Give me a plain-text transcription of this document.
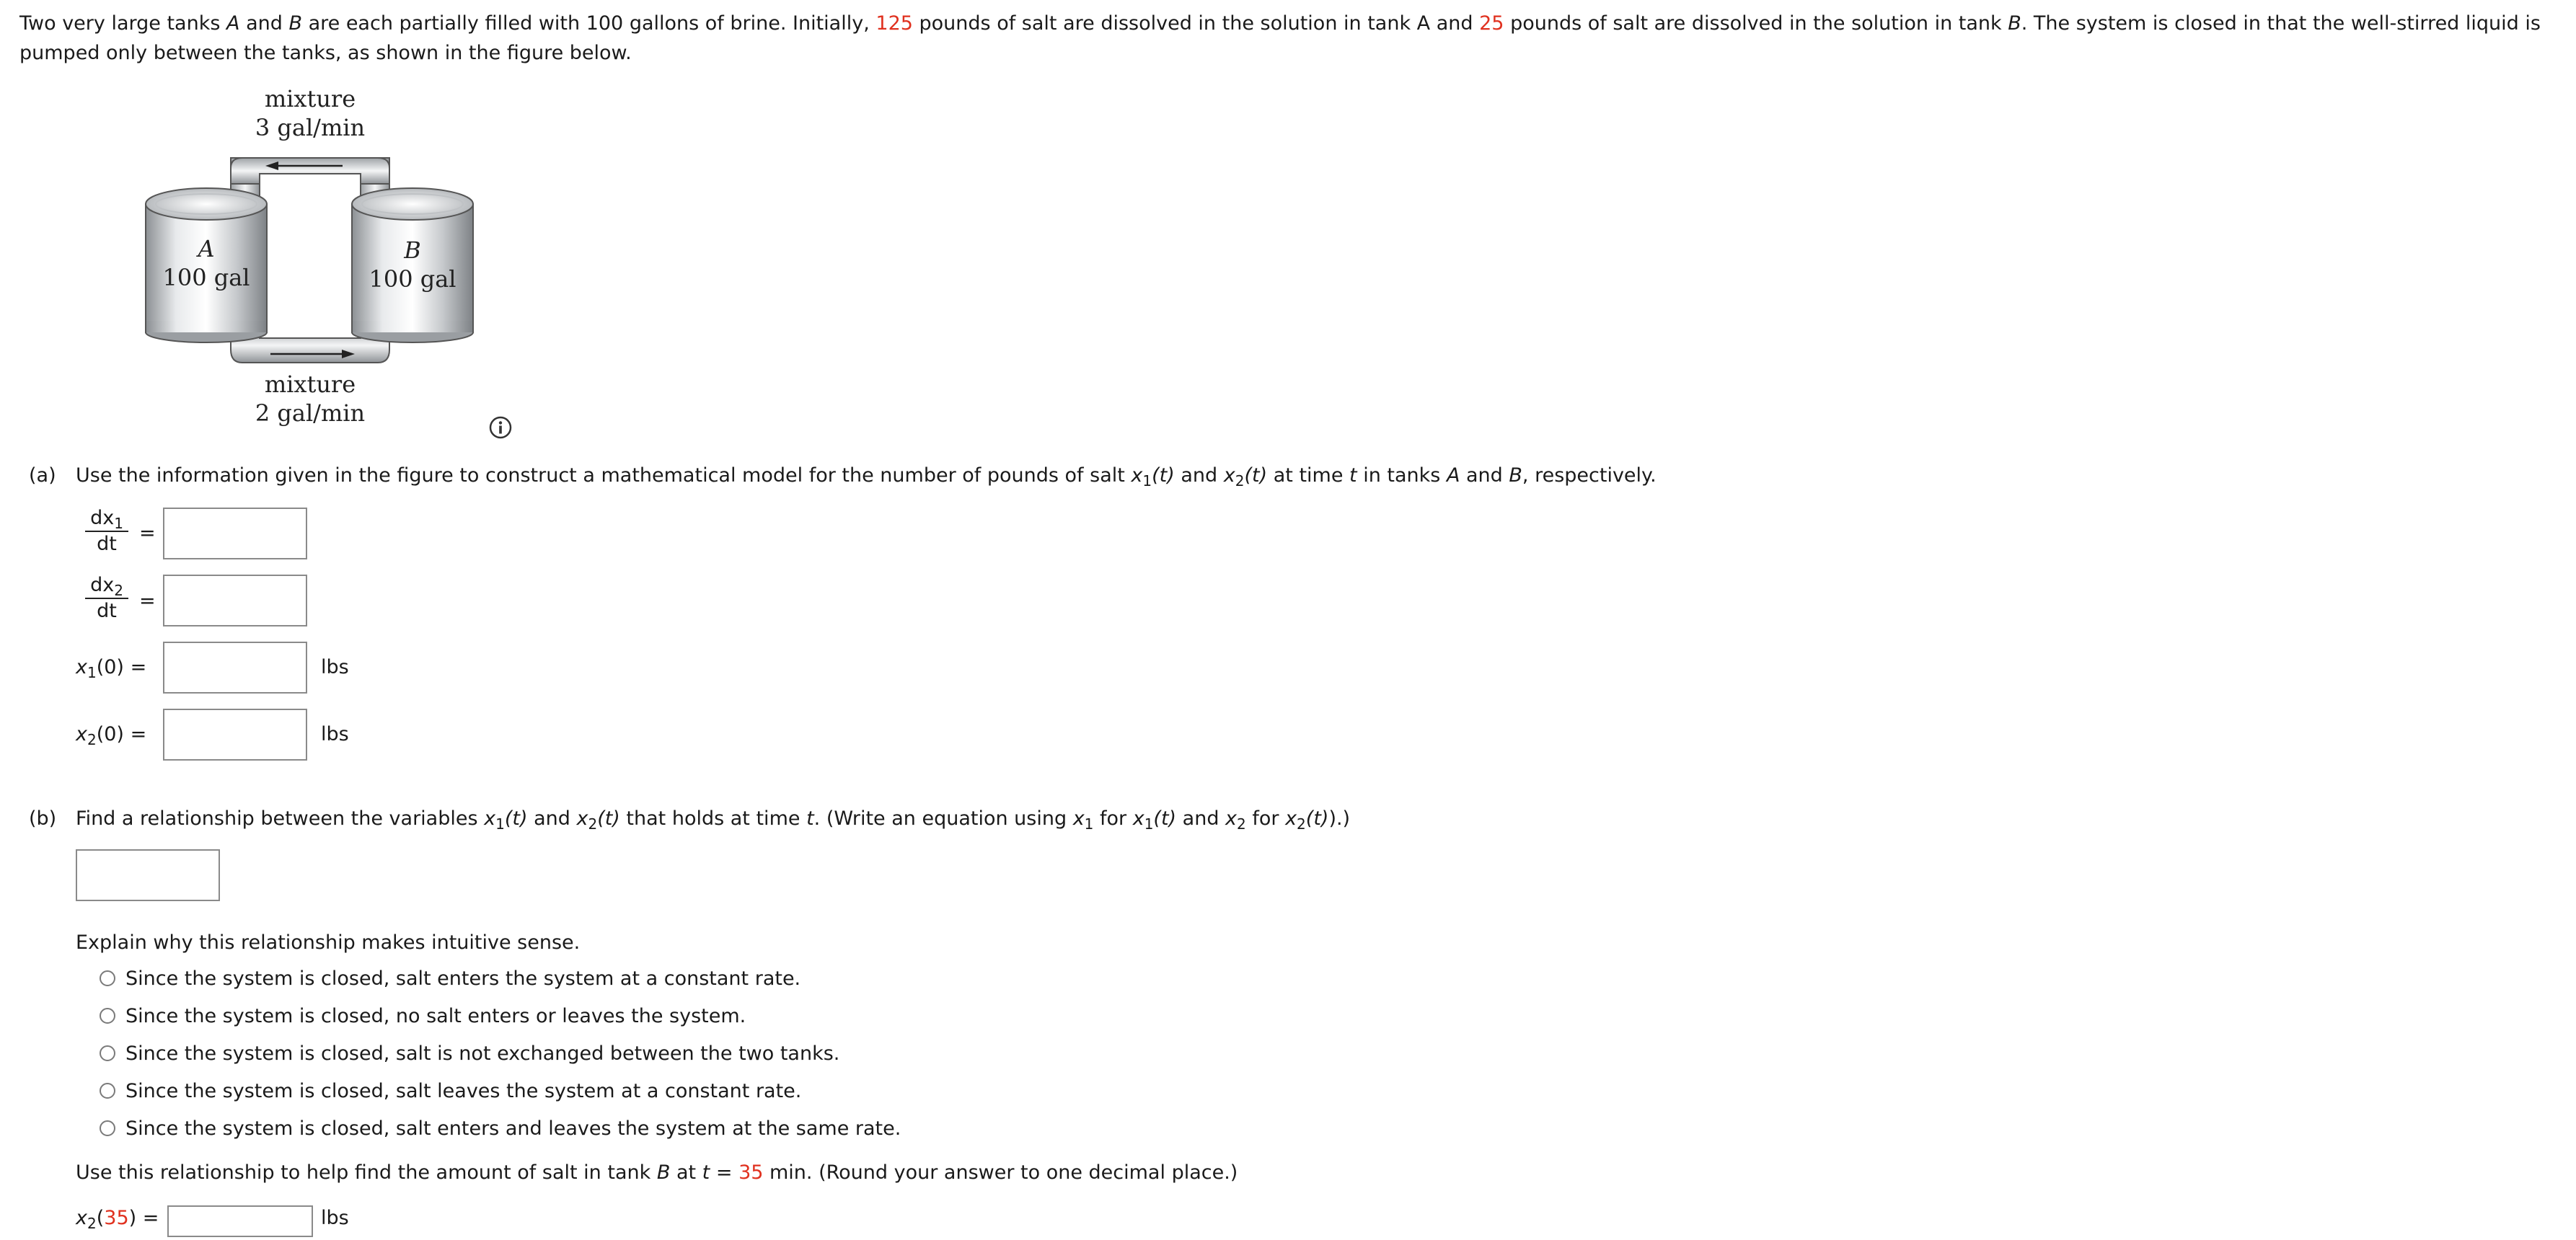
Two very large tanks A and B are each partially filled with 100 gallons of brine. Initially, 125 pounds of salt are dissolved in the solution in tank A and 25 pounds of salt are dissolved in the solution in tank B. The system is closed in that the well-stirred liquid is pumped only between the tanks, as shown in the figure below.
mixture
3 gal/min
mixture
2 gal/min
A
100 gal
B
100 gal
(a) Use the information given in the figure to construct a mathematical model for the number of pounds of salt $x_1(t)$ and $x_2(t)$ at time t in tanks A and B, respectively.
$\frac{dx_1}{dt}$ =
$\frac{dx_2}{dt}$ =
$x_1(0)$ =	lbs
$x_2(0)$ =	lbs
(b) Find a relationship between the variables $x_1(t)$ and $x_2(t)$ that holds at time t. (Write an equation using $x_1$ for $x_1(t)$ and $x_2$ for $x_2(t)$).)
Explain why this relationship makes intuitive sense.
Since the system is closed, salt enters the system at a constant rate.
Since the system is closed, no salt enters or leaves the system.
Since the system is closed, salt is not exchanged between the two tanks.
Since the system is closed, salt leaves the system at a constant rate.
Since the system is closed, salt enters and leaves the system at the same rate.
Use this relationship to help find the amount of salt in tank B at t = 35 min. (Round your answer to one decimal place.)
$x_2(35)$ =	lbs
